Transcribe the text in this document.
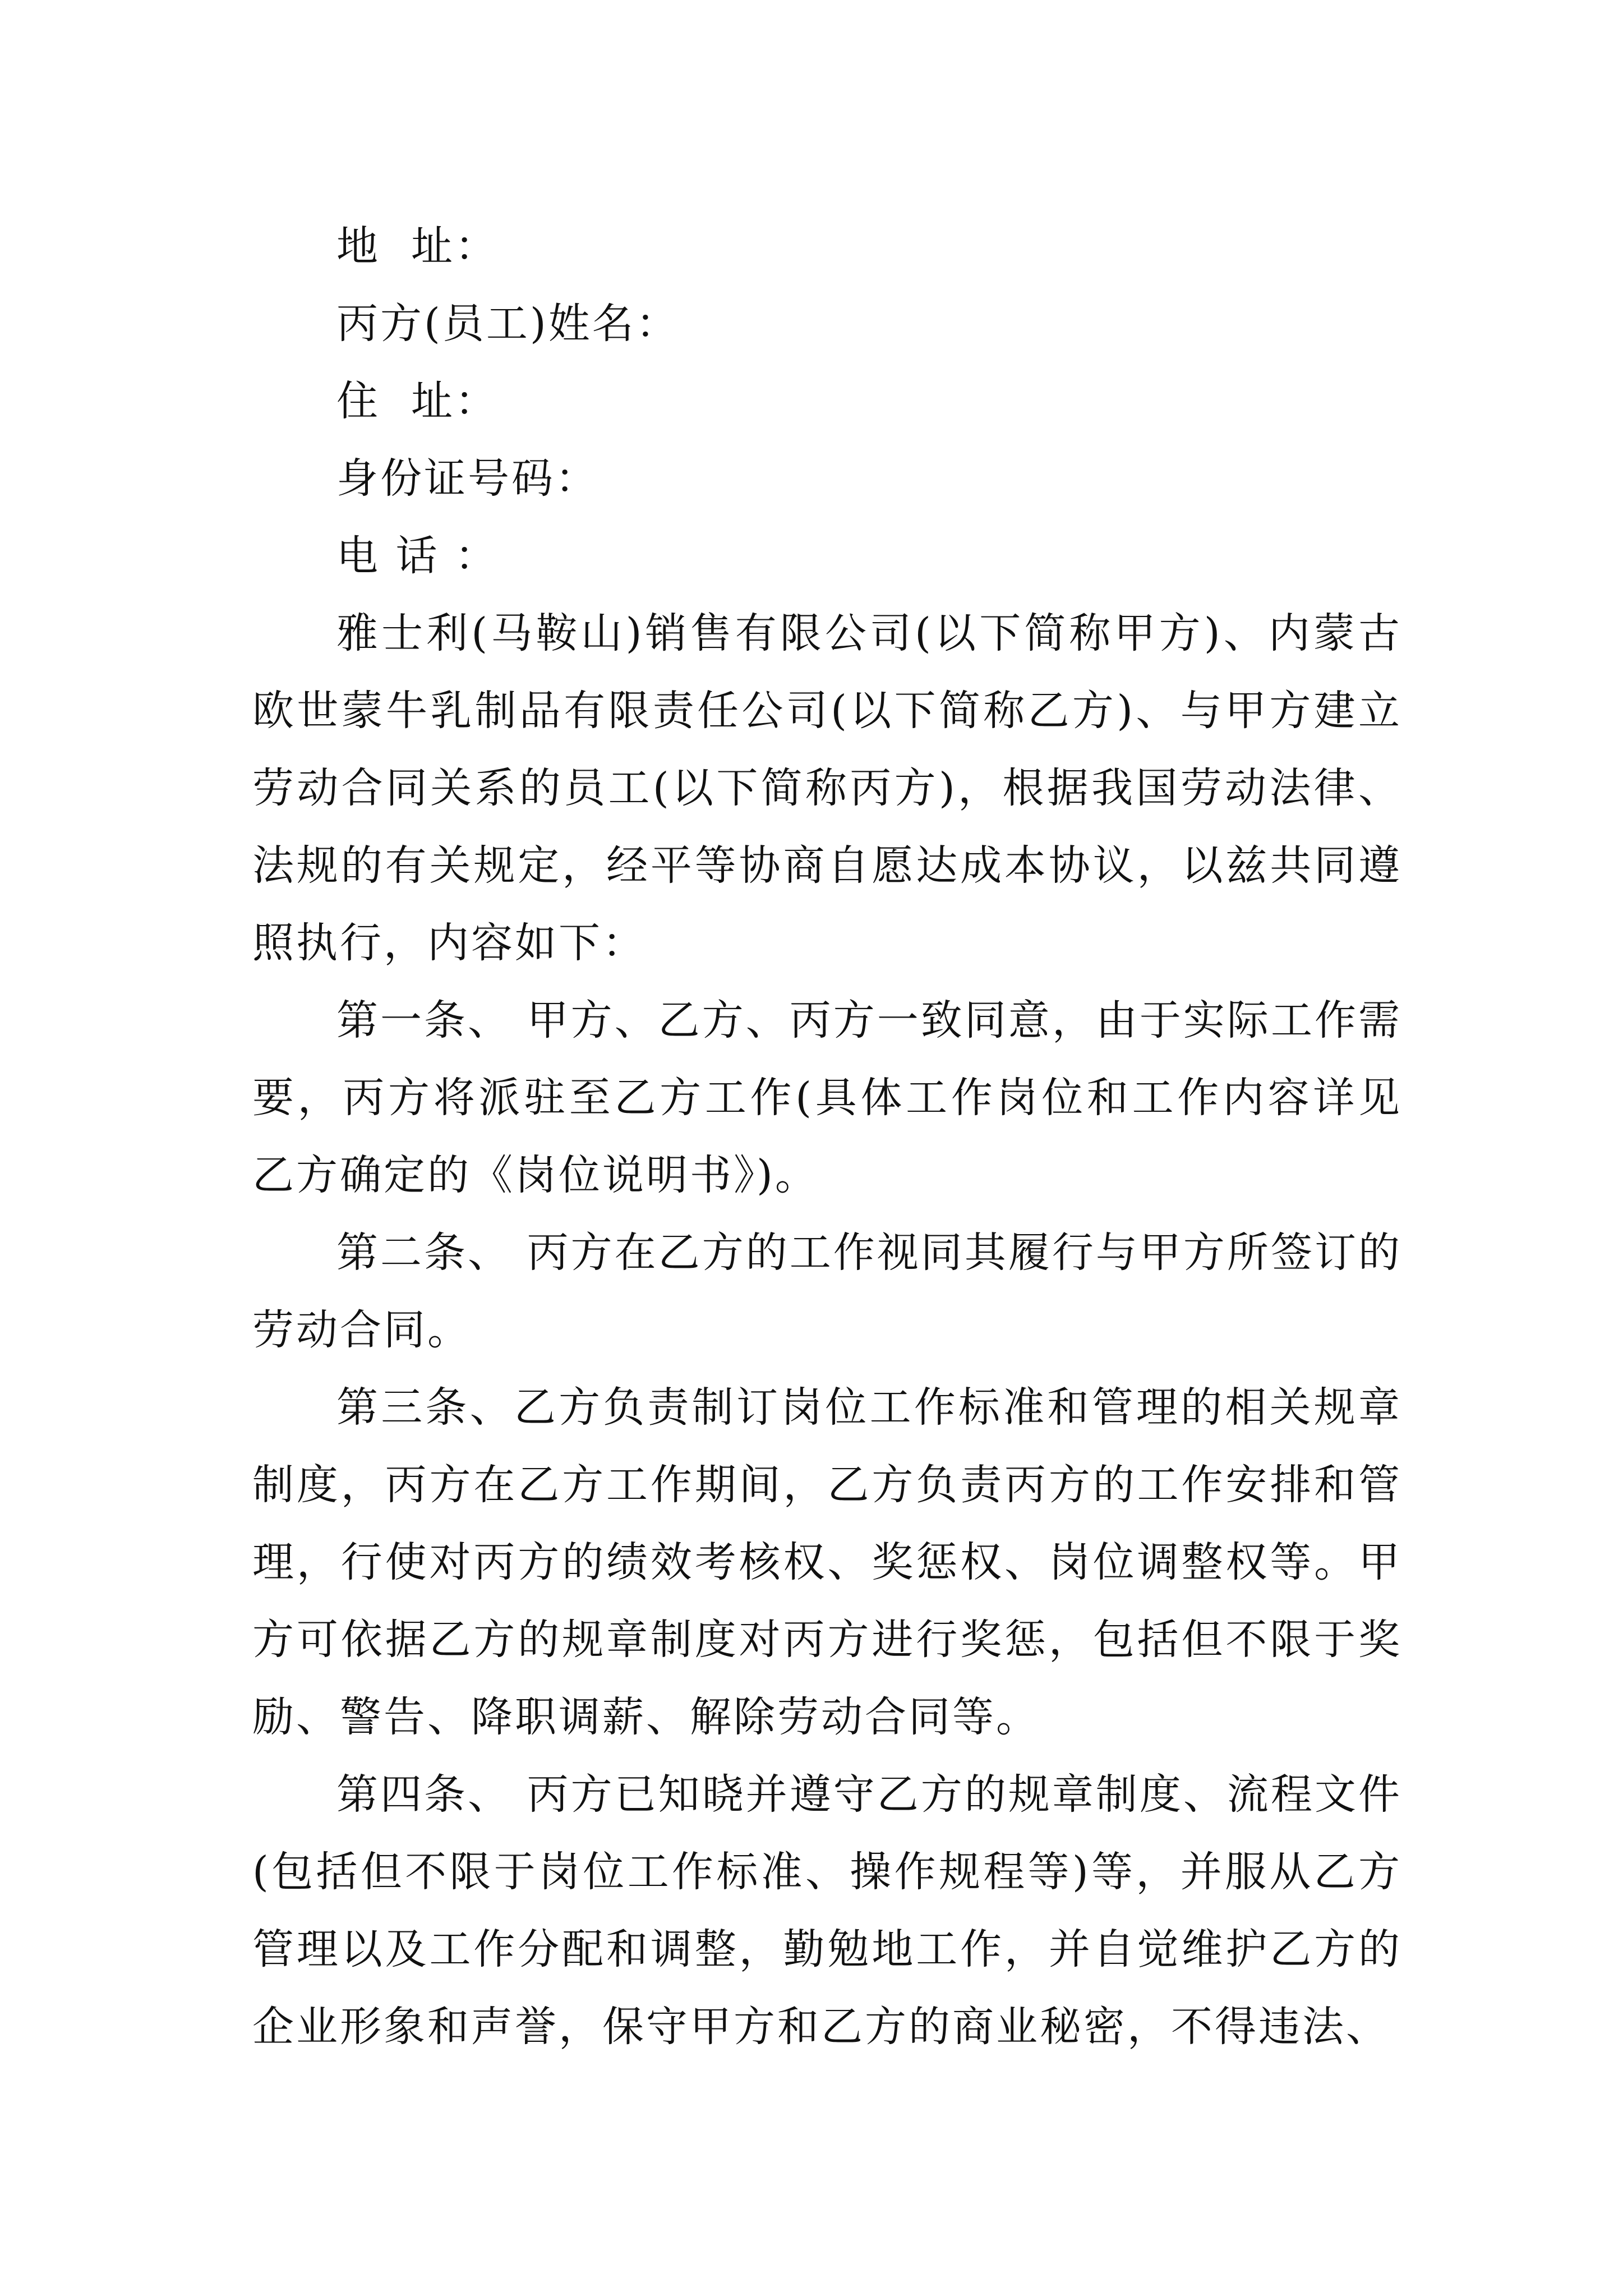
地  址：
丙方(员工)姓名：
住  址：
身份证号码：
电 话 ：

雅士利(马鞍山)销售有限公司(以下简称甲方)、内蒙古欧世蒙牛乳制品有限责任公司(以下简称乙方)、与甲方建立劳动合同关系的员工(以下简称丙方)，根据我国劳动法律、法规的有关规定，经平等协商自愿达成本协议，以兹共同遵照执行，内容如下：

第一条、 甲方、乙方、丙方一致同意，由于实际工作需要，丙方将派驻至乙方工作(具体工作岗位和工作内容详见乙方确定的《岗位说明书》)。

第二条、 丙方在乙方的工作视同其履行与甲方所签订的劳动合同。

第三条、乙方负责制订岗位工作标准和管理的相关规章制度，丙方在乙方工作期间，乙方负责丙方的工作安排和管理，行使对丙方的绩效考核权、奖惩权、岗位调整权等。甲方可依据乙方的规章制度对丙方进行奖惩，包括但不限于奖励、警告、降职调薪、解除劳动合同等。

第四条、 丙方已知晓并遵守乙方的规章制度、流程文件(包括但不限于岗位工作标准、操作规程等)等，并服从乙方管理以及工作分配和调整，勤勉地工作，并自觉维护乙方的企业形象和声誉，保守甲方和乙方的商业秘密，不得违法、
